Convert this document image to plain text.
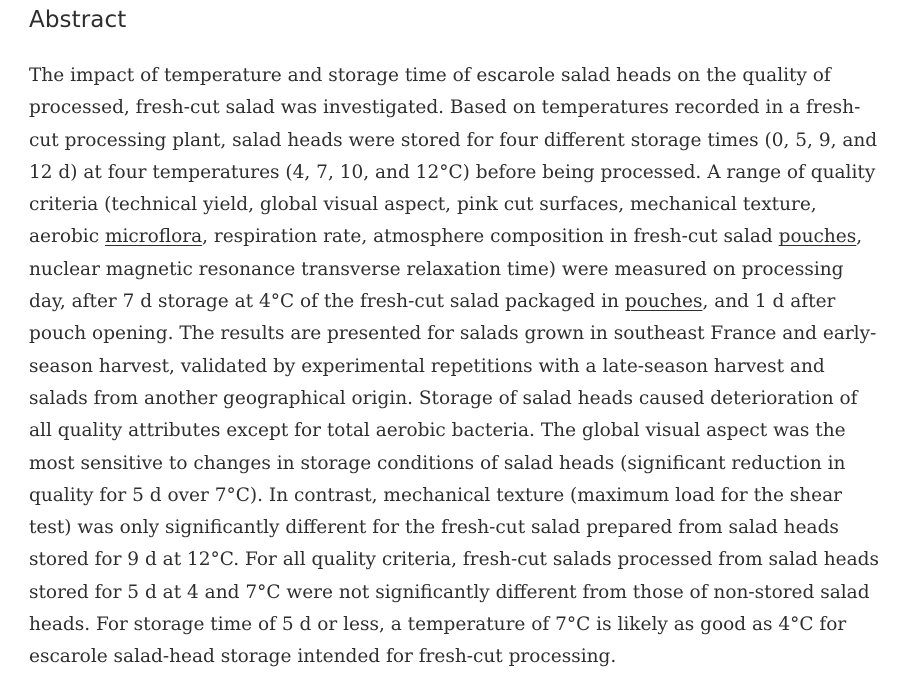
Abstract

The impact of temperature and storage time of escarole salad heads on the quality of
processed, fresh-cut salad was investigated. Based on temperatures recorded in a fresh-
cut processing plant, salad heads were stored for four different storage times (0, 5, 9, and
12 d) at four temperatures (4, 7, 10, and 12°C) before being processed. A range of quality
criteria (technical yield, global visual aspect, pink cut surfaces, mechanical texture,
aerobic microflora, respiration rate, atmosphere composition in fresh-cut salad pouches,
nuclear magnetic resonance transverse relaxation time) were measured on processing
day, after 7 d storage at 4°C of the fresh-cut salad packaged in pouches, and 1 d after
pouch opening. The results are presented for salads grown in southeast France and early-
season harvest, validated by experimental repetitions with a late-season harvest and
salads from another geographical origin. Storage of salad heads caused deterioration of
all quality attributes except for total aerobic bacteria. The global visual aspect was the
most sensitive to changes in storage conditions of salad heads (significant reduction in
quality for 5 d over 7°C). In contrast, mechanical texture (maximum load for the shear
test) was only significantly different for the fresh-cut salad prepared from salad heads
stored for 9 d at 12°C. For all quality criteria, fresh-cut salads processed from salad heads
stored for 5 d at 4 and 7°C were not significantly different from those of non-stored salad
heads. For storage time of 5 d or less, a temperature of 7°C is likely as good as 4°C for
escarole salad-head storage intended for fresh-cut processing.
